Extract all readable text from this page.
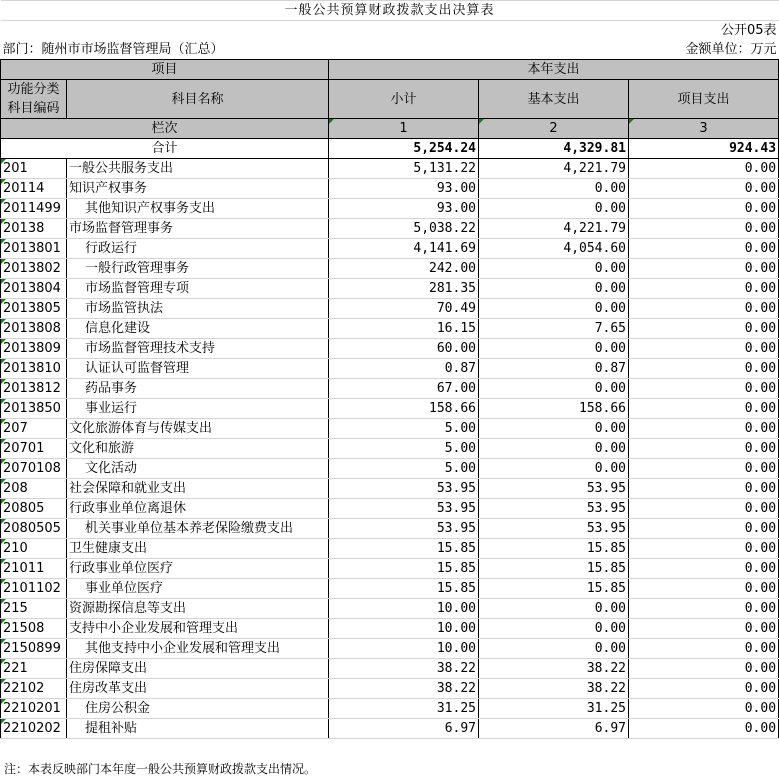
一般公共预算财政拨款支出决算表				
公开05表				
部门：随州市市场监督管理局（汇总）			金额单位：万元	
项目		本年支出		
功能分类科目编码	科目名称	小计	基本支出	项目支出
栏次		1	2	3
合计		5,254.24	4,329.81	924.43

201	一般公共服务支出	5,131.22	4,221.79	0.00

20114	知识产权事务	93.00	0.00	0.00

2011499	其他知识产权事务支出	93.00	0.00	0.00

20138	市场监督管理事务	5,038.22	4,221.79	0.00

2013801	行政运行	4,141.69	4,054.60	0.00

2013802	一般行政管理事务	242.00	0.00	0.00

2013804	市场监督管理专项	281.35	0.00	0.00

2013805	市场监管执法	70.49	0.00	0.00

2013808	信息化建设	16.15	7.65	0.00

2013809	市场监督管理技术支持	60.00	0.00	0.00

2013810	认证认可监督管理	0.87	0.87	0.00

2013812	药品事务	67.00	0.00	0.00

2013850	事业运行	158.66	158.66	0.00

207	文化旅游体育与传媒支出	5.00	0.00	0.00

20701	文化和旅游	5.00	0.00	0.00

2070108	文化活动	5.00	0.00	0.00

208	社会保障和就业支出	53.95	53.95	0.00

20805	行政事业单位离退休	53.95	53.95	0.00

2080505	机关事业单位基本养老保险缴费支出	53.95	53.95	0.00

210	卫生健康支出	15.85	15.85	0.00

21011	行政事业单位医疗	15.85	15.85	0.00

2101102	事业单位医疗	15.85	15.85	0.00

215	资源勘探信息等支出	10.00	0.00	0.00

21508	支持中小企业发展和管理支出	10.00	0.00	0.00

2150899	其他支持中小企业发展和管理支出	10.00	0.00	0.00

221	住房保障支出	38.22	38.22	0.00

22102	住房改革支出	38.22	38.22	0.00

2210201	住房公积金	31.25	31.25	0.00

2210202	提租补贴	6.97	6.97	0.00
注：本表反映部门本年度一般公共预算财政拨款支出情况。
